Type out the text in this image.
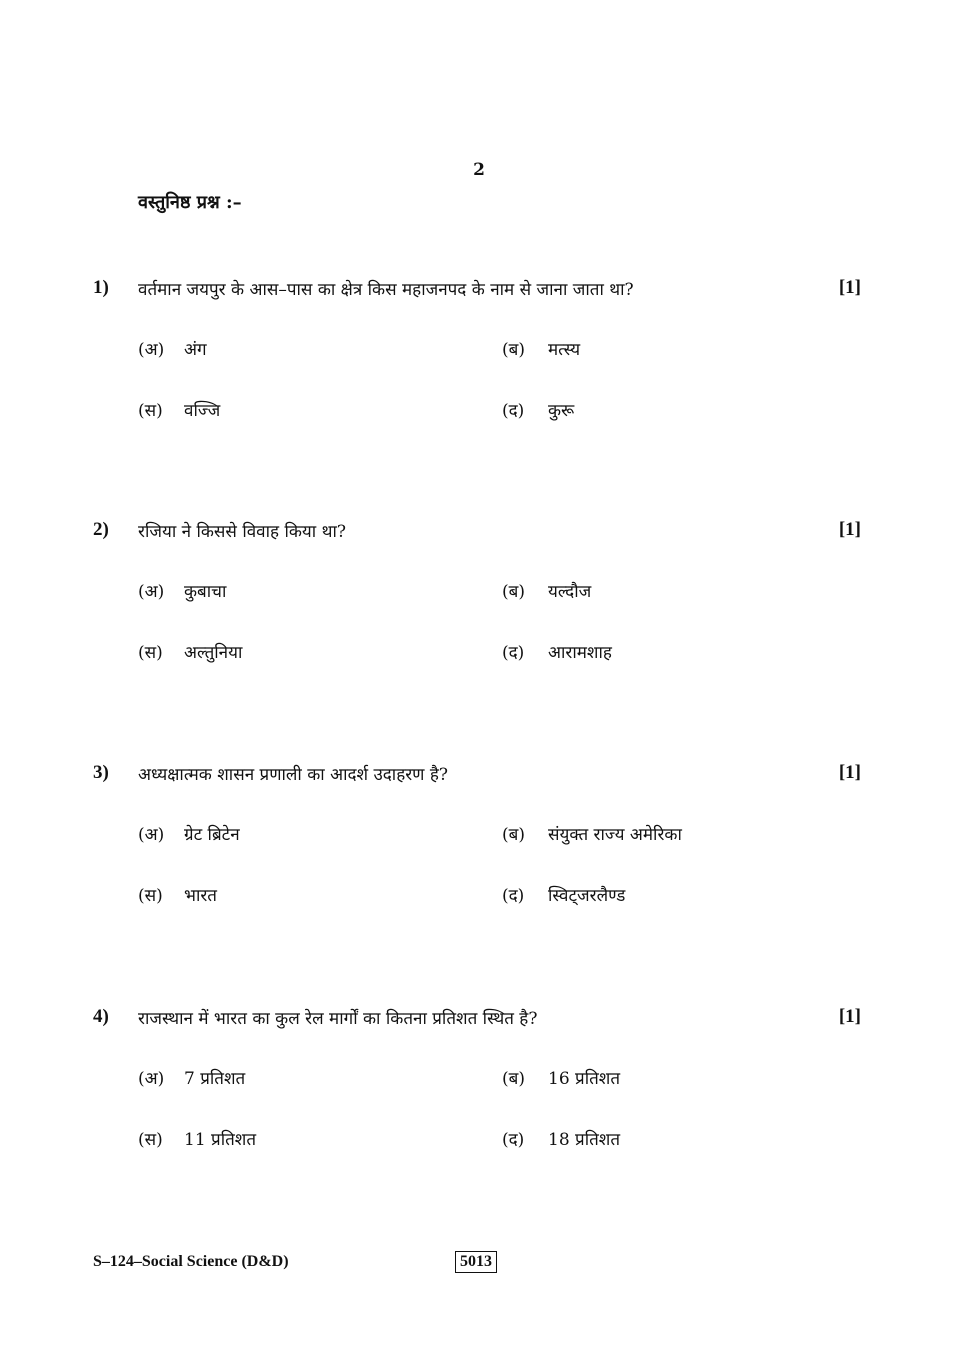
2
वस्तुनिष्ठ प्रश्न :–
1) वर्तमान जयपुर के आस–पास का क्षेत्र किस महाजनपद के नाम से जाना जाता था?	[1]
(अ) अंग	(ब) मत्स्य
(स) वज्जि	(द) कुरू
2) रजिया ने किससे विवाह किया था?	[1]
(अ) कुबाचा	(ब) यल्दौज
(स) अल्तुनिया	(द) आरामशाह
3) अध्यक्षात्मक शासन प्रणाली का आदर्श उदाहरण है?	[1]
(अ) ग्रेट ब्रिटेन	(ब) संयुक्त राज्य अमेरिका
(स) भारत	(द) स्विट्जरलैण्ड
4) राजस्थान में भारत का कुल रेल मार्गों का कितना प्रतिशत स्थित है?	[1]
(अ) 7 प्रतिशत	(ब) 16 प्रतिशत
(स) 11 प्रतिशत	(द) 18 प्रतिशत
S–124–Social Science (D&D)	5013
